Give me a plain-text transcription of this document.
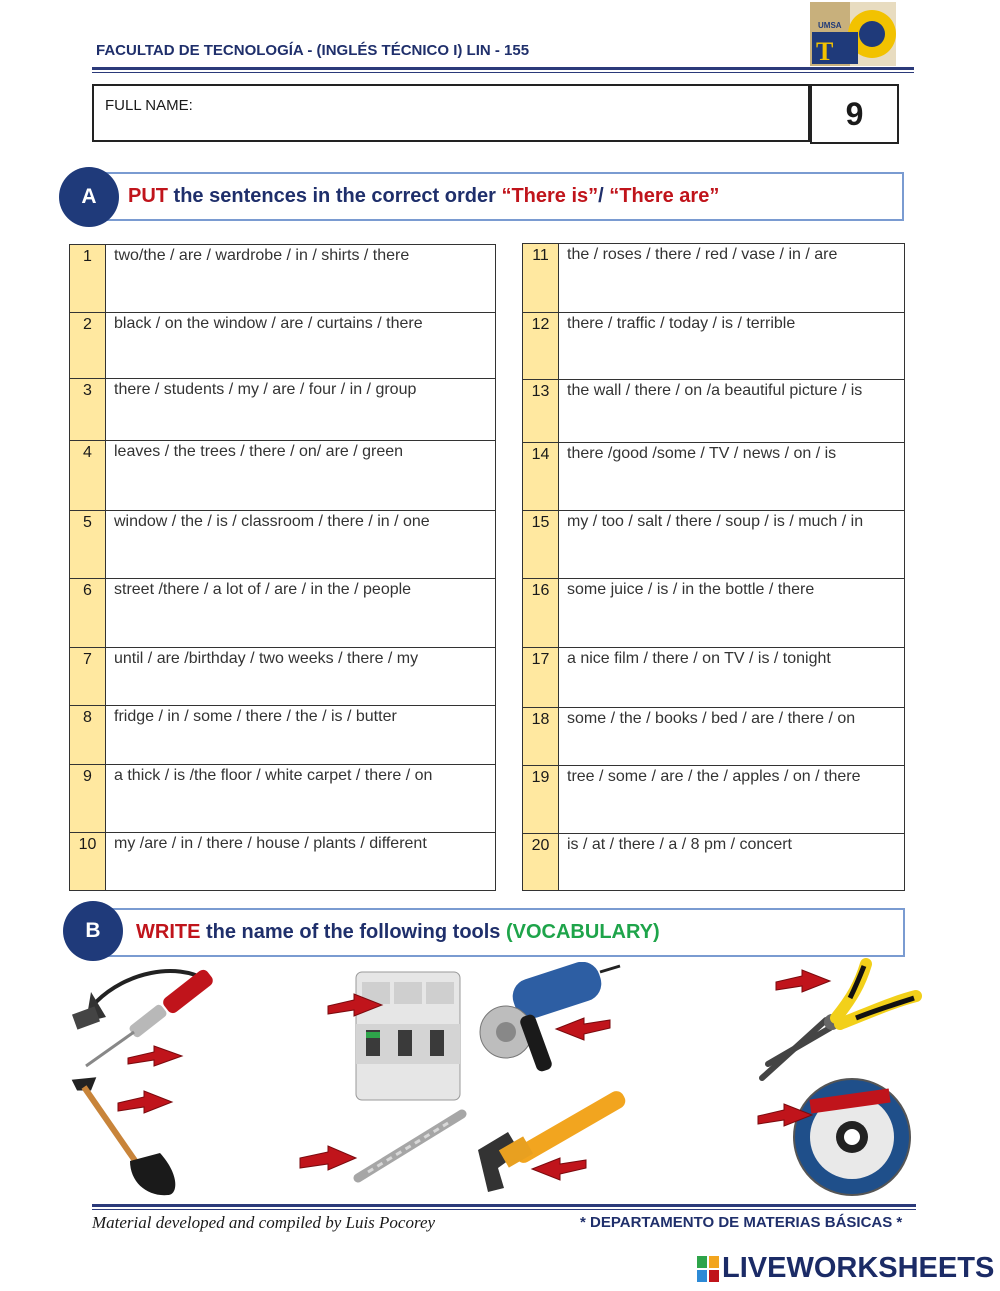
FACULTAD DE TECNOLOGÍA - (INGLÉS TÉCNICO I) LIN - 155	T
UMSA
FULL NAME:	9
A	PUT the sentences in the correct order “There is”/ “There are”
1	two/the / are / wardrobe / in / shirts / there
2	black / on the window / are / curtains / there
3	there / students / my / are / four / in / group
4	leaves / the trees / there / on/ are / green
5	window / the / is / classroom / there / in / one
6	street /there / a lot of / are / in the / people
7	until / are /birthday / two weeks / there / my
8	fridge / in / some / there / the / is / butter
9	a thick / is /the floor / white carpet / there / on
10	my /are / in / there / house / plants / different
11	the / roses / there / red / vase / in / are
12	there / traffic / today / is / terrible
13	the wall / there / on /a beautiful picture / is
14	there /good /some / TV / news / on / is
15	my / too / salt / there / soup / is / much / in
16	some juice / is / in the bottle / there
17	a nice film / there / on TV / is / tonight
18	some / the / books / bed / are / there / on
19	tree / some / are / the / apples / on / there
20	is / at / there / a / 8 pm / concert
B	WRITE the name of the following tools (VOCABULARY)
Material developed and compiled by Luis Pocorey	* DEPARTAMENTO DE MATERIAS BÁSICAS *
LIVEWORKSHEETS
